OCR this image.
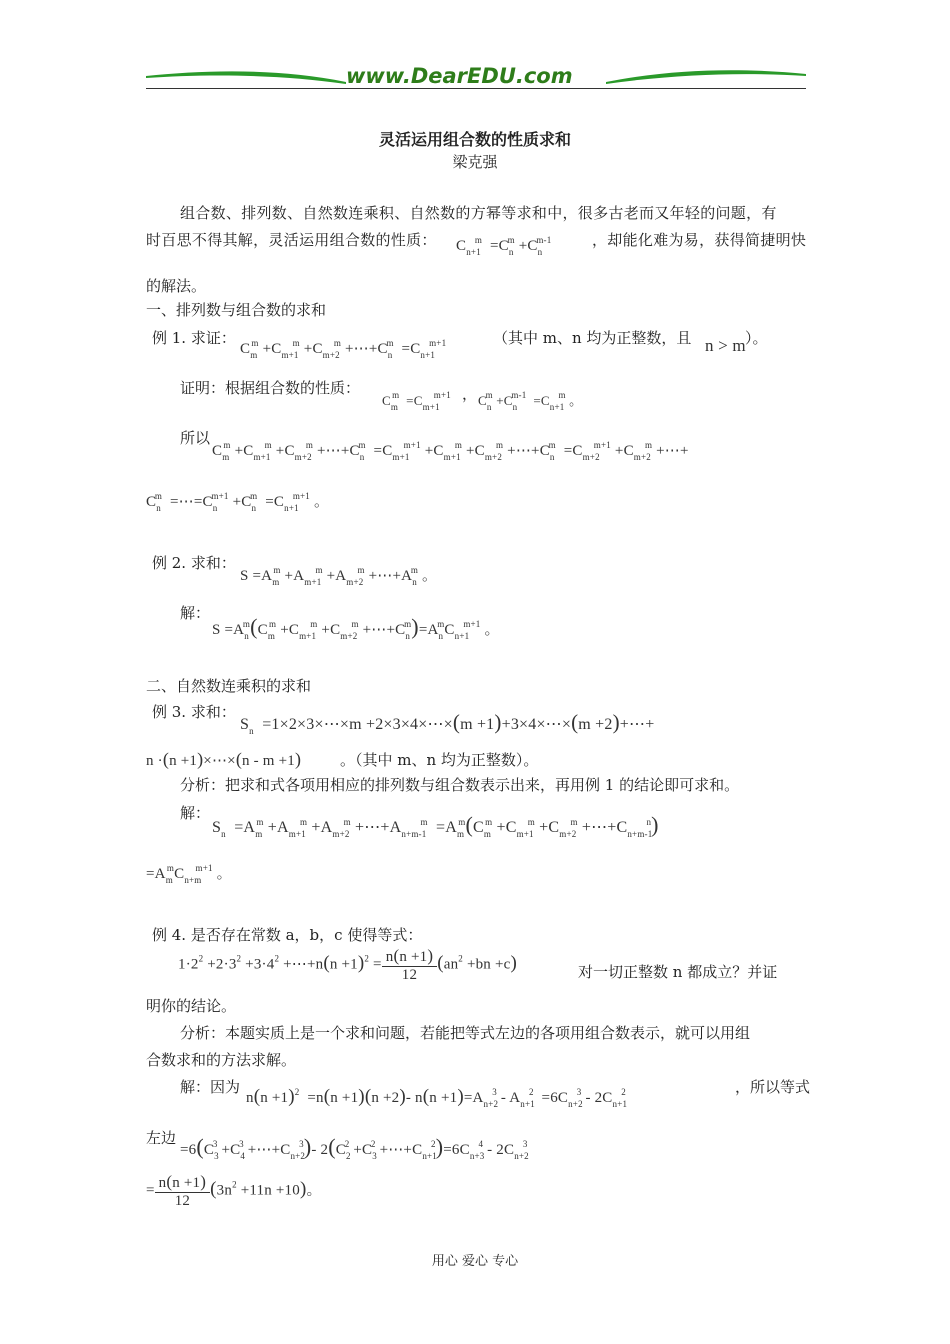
www.DearEDU.com
灵活运用组合数的性质求和
梁克强
组合数、排列数、自然数连乘积、自然数的方幂等求和中，很多古老而又年轻的问题，有
时百思不得其解，灵活运用组合数的性质： $C_{n+1}^m =C_n^m +C_n^{m-1}$	，却能化难为易，获得简捷明快
的解法。
一、排列数与组合数的求和
例 1. 求证：
$C_m^m +C_{m+1}^m +C_{m+2}^m$ $+\cdots+C_n^m =C_{n+1}^{m+1}$	（其中 m、n 均为正整数，且 n > m ）。
证明：根据组合数的性质：
$C_m^m =C_{m+1}^{m+1}$ ， $C_n^m +C_n^{m-1} =C_{n+1}^m$ 。
所以
$C_m^m +C_{m+1}^m +C_{m+2}^m$ $+\cdots+C_n^m =C_{m+1}^{m+1} +C_{m+1}^m +C_{m+2}^m$ $+\cdots+C_n^m =C_{m+2}^{m+1} +C_{m+2}^m$ +⋯+
$C_n^m$  $=\cdots=C_n^{m+1} +C_n^m =C_{n+1}^{m+1}$ 。
例 2. 求和：
$S =A_m^m +A_{m+1}^m +A_{m+2}^m$ $+\cdots+A_n^m$ 。
解：
$S =A_n^m(C_m^m +C_{m+1}^m +C_{m+2}^m$ $+\cdots+C_n^m)=A_n^mC_{n+1}^{m+1}$ 。
二、自然数连乘积的求和
例 3. 求和：
$S_n$  =1×2×3×⋯×m +2×3×4×⋯×(m +1)+3×4×⋯×(m +2)+⋯+
n ·(n +1)×⋯×(n - m +1)	。（其中 m、n 均为正整数）。
分析：把求和式各项用相应的排列数与组合数表示出来，再用例 1 的结论即可求和。
解：
$S_n =A_m^m +A_{m+1}^m +A_{m+2}^m$ $+\cdots+A_{n+m-1}^m =A_m^m(C_m^m +C_{m+1}^m +C_{m+2}^m$ $+\cdots+C_{n+m-1}^n$)
$=A_m^mC_{n+m}^{m+1}$ 。
例 4. 是否存在常数 a，b，c 使得等式：
$1\cdot 2^2 +2\cdot 3^2 +3\cdot 4^2$ +⋯+n(n $+1)^2 = \frac{n(n +1)}{12} (an^2 +bn +c)$	对一切正整数 n 都成立？并证
明你的结论。
分析：本题实质上是一个求和问题，若能把等式左边的各项用组合数表示，就可以用组
合数求和的方法求解。
解：因为
$n(n +1)^2 =n(n +1)(n +2)-$ $n(n +1)=A_{n+2}^3 - A_{n+1}^2 =6C_{n+2}^3 - 2C_{n+1}^2$	，所以等式
左边
$=6(C_3^3 +C_4^3$ $+\cdots+C_{n+2}^3)-$ $2(C_2^2 +C_3^2$ $+\cdots+C_{n+1}^2)=6C_{n+3}^4 - 2C_{n+2}^3$
= $\frac{n(n +1)}{12} (3n^2 +11n +10)$。
用心 爱心 专心
